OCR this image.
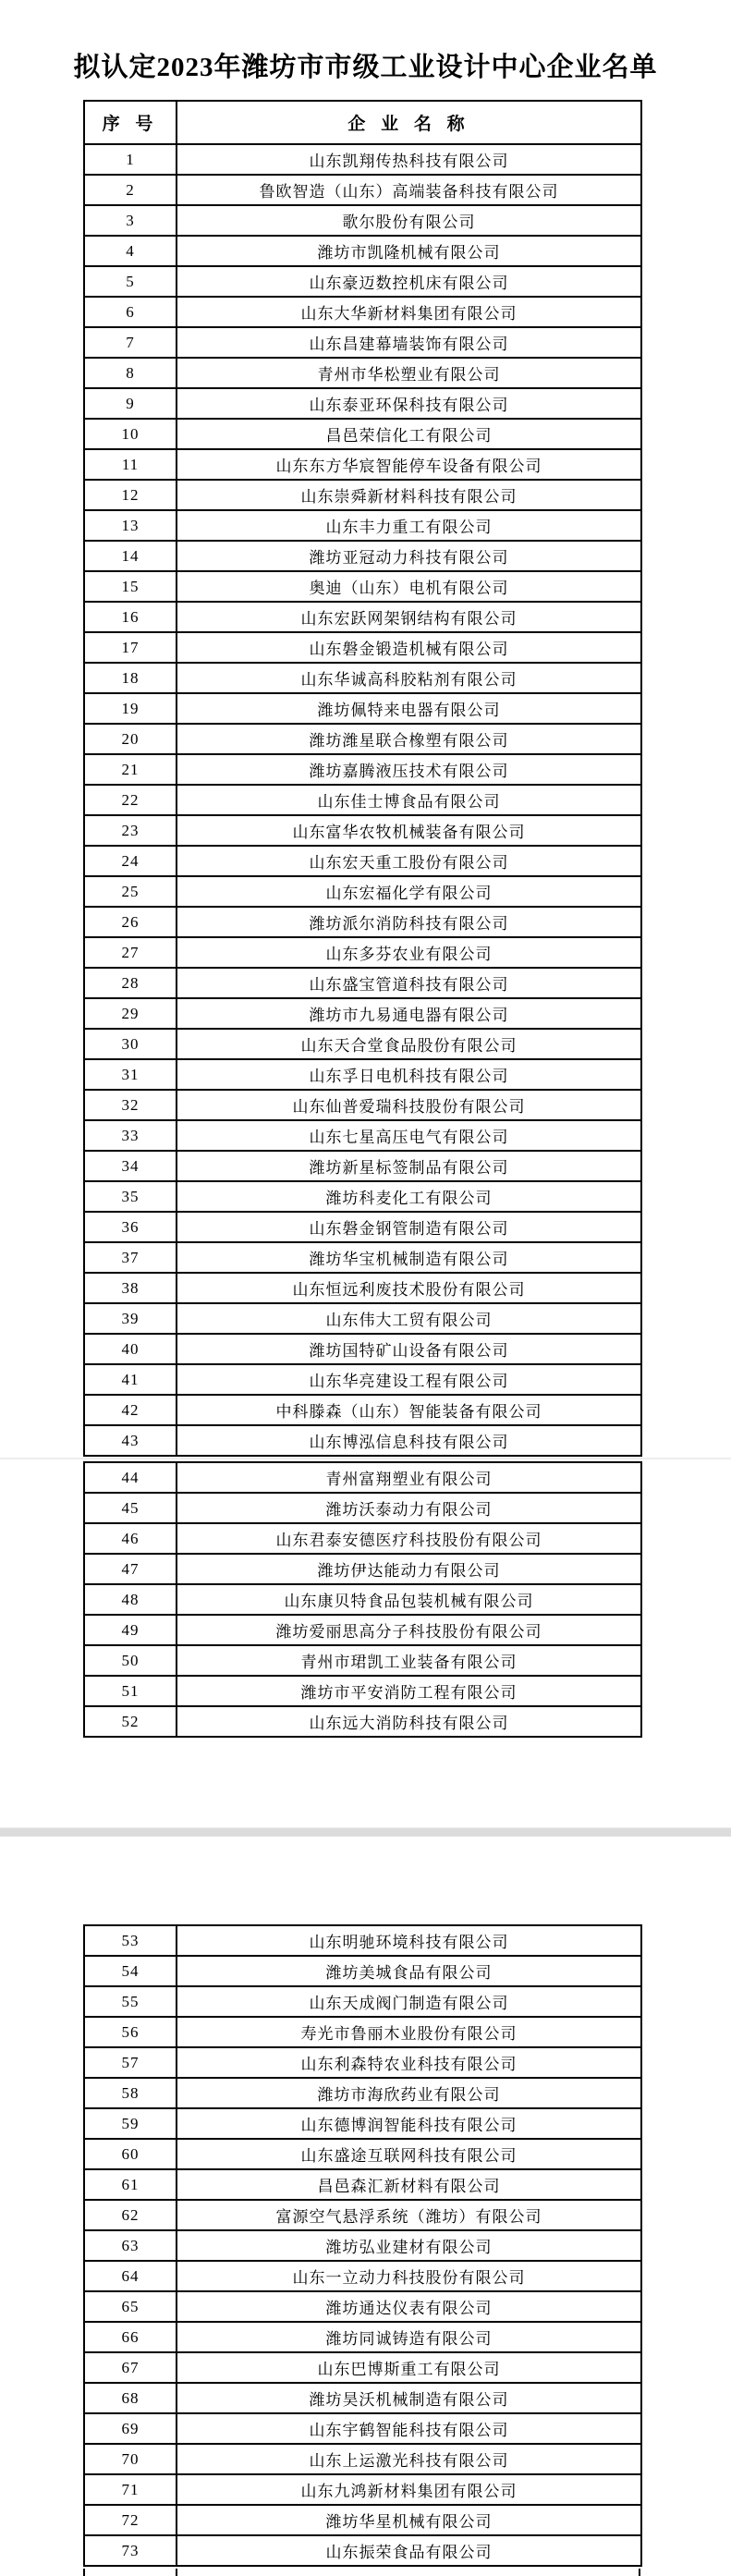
拟认定2023年潍坊市市级工业设计中心企业名单
序 号	企 业 名 称
1	山东凯翔传热科技有限公司
2	鲁欧智造（山东）高端装备科技有限公司
3	歌尔股份有限公司
4	潍坊市凯隆机械有限公司
5	山东豪迈数控机床有限公司
6	山东大华新材料集团有限公司
7	山东昌建幕墙装饰有限公司
8	青州市华松塑业有限公司
9	山东泰亚环保科技有限公司
10	昌邑荣信化工有限公司
11	山东东方华宸智能停车设备有限公司
12	山东崇舜新材料科技有限公司
13	山东丰力重工有限公司
14	潍坊亚冠动力科技有限公司
15	奥迪（山东）电机有限公司
16	山东宏跃网架钢结构有限公司
17	山东磐金锻造机械有限公司
18	山东华诚高科胶粘剂有限公司
19	潍坊佩特来电器有限公司
20	潍坊潍星联合橡塑有限公司
21	潍坊嘉腾液压技术有限公司
22	山东佳士博食品有限公司
23	山东富华农牧机械装备有限公司
24	山东宏天重工股份有限公司
25	山东宏福化学有限公司
26	潍坊派尔消防科技有限公司
27	山东多芬农业有限公司
28	山东盛宝管道科技有限公司
29	潍坊市九易通电器有限公司
30	山东天合堂食品股份有限公司
31	山东孚日电机科技有限公司
32	山东仙普爱瑞科技股份有限公司
33	山东七星高压电气有限公司
34	潍坊新星标签制品有限公司
35	潍坊科麦化工有限公司
36	山东磐金钢管制造有限公司
37	潍坊华宝机械制造有限公司
38	山东恒远利废技术股份有限公司
39	山东伟大工贸有限公司
40	潍坊国特矿山设备有限公司
41	山东华亮建设工程有限公司
42	中科滕森（山东）智能装备有限公司
43	山东博泓信息科技有限公司
44	青州富翔塑业有限公司
45	潍坊沃泰动力有限公司
46	山东君泰安德医疗科技股份有限公司
47	潍坊伊达能动力有限公司
48	山东康贝特食品包装机械有限公司
49	潍坊爱丽思高分子科技股份有限公司
50	青州市珺凯工业装备有限公司
51	潍坊市平安消防工程有限公司
52	山东远大消防科技有限公司
53	山东明驰环境科技有限公司
54	潍坊美城食品有限公司
55	山东天成阀门制造有限公司
56	寿光市鲁丽木业股份有限公司
57	山东利森特农业科技有限公司
58	潍坊市海欣药业有限公司
59	山东德博润智能科技有限公司
60	山东盛途互联网科技有限公司
61	昌邑森汇新材料有限公司
62	富源空气悬浮系统（潍坊）有限公司
63	潍坊弘业建材有限公司
64	山东一立动力科技股份有限公司
65	潍坊通达仪表有限公司
66	潍坊同诚铸造有限公司
67	山东巴博斯重工有限公司
68	潍坊昊沃机械制造有限公司
69	山东宇鹤智能科技有限公司
70	山东上运激光科技有限公司
71	山东九鸿新材料集团有限公司
72	潍坊华星机械有限公司
73	山东振荣食品有限公司
